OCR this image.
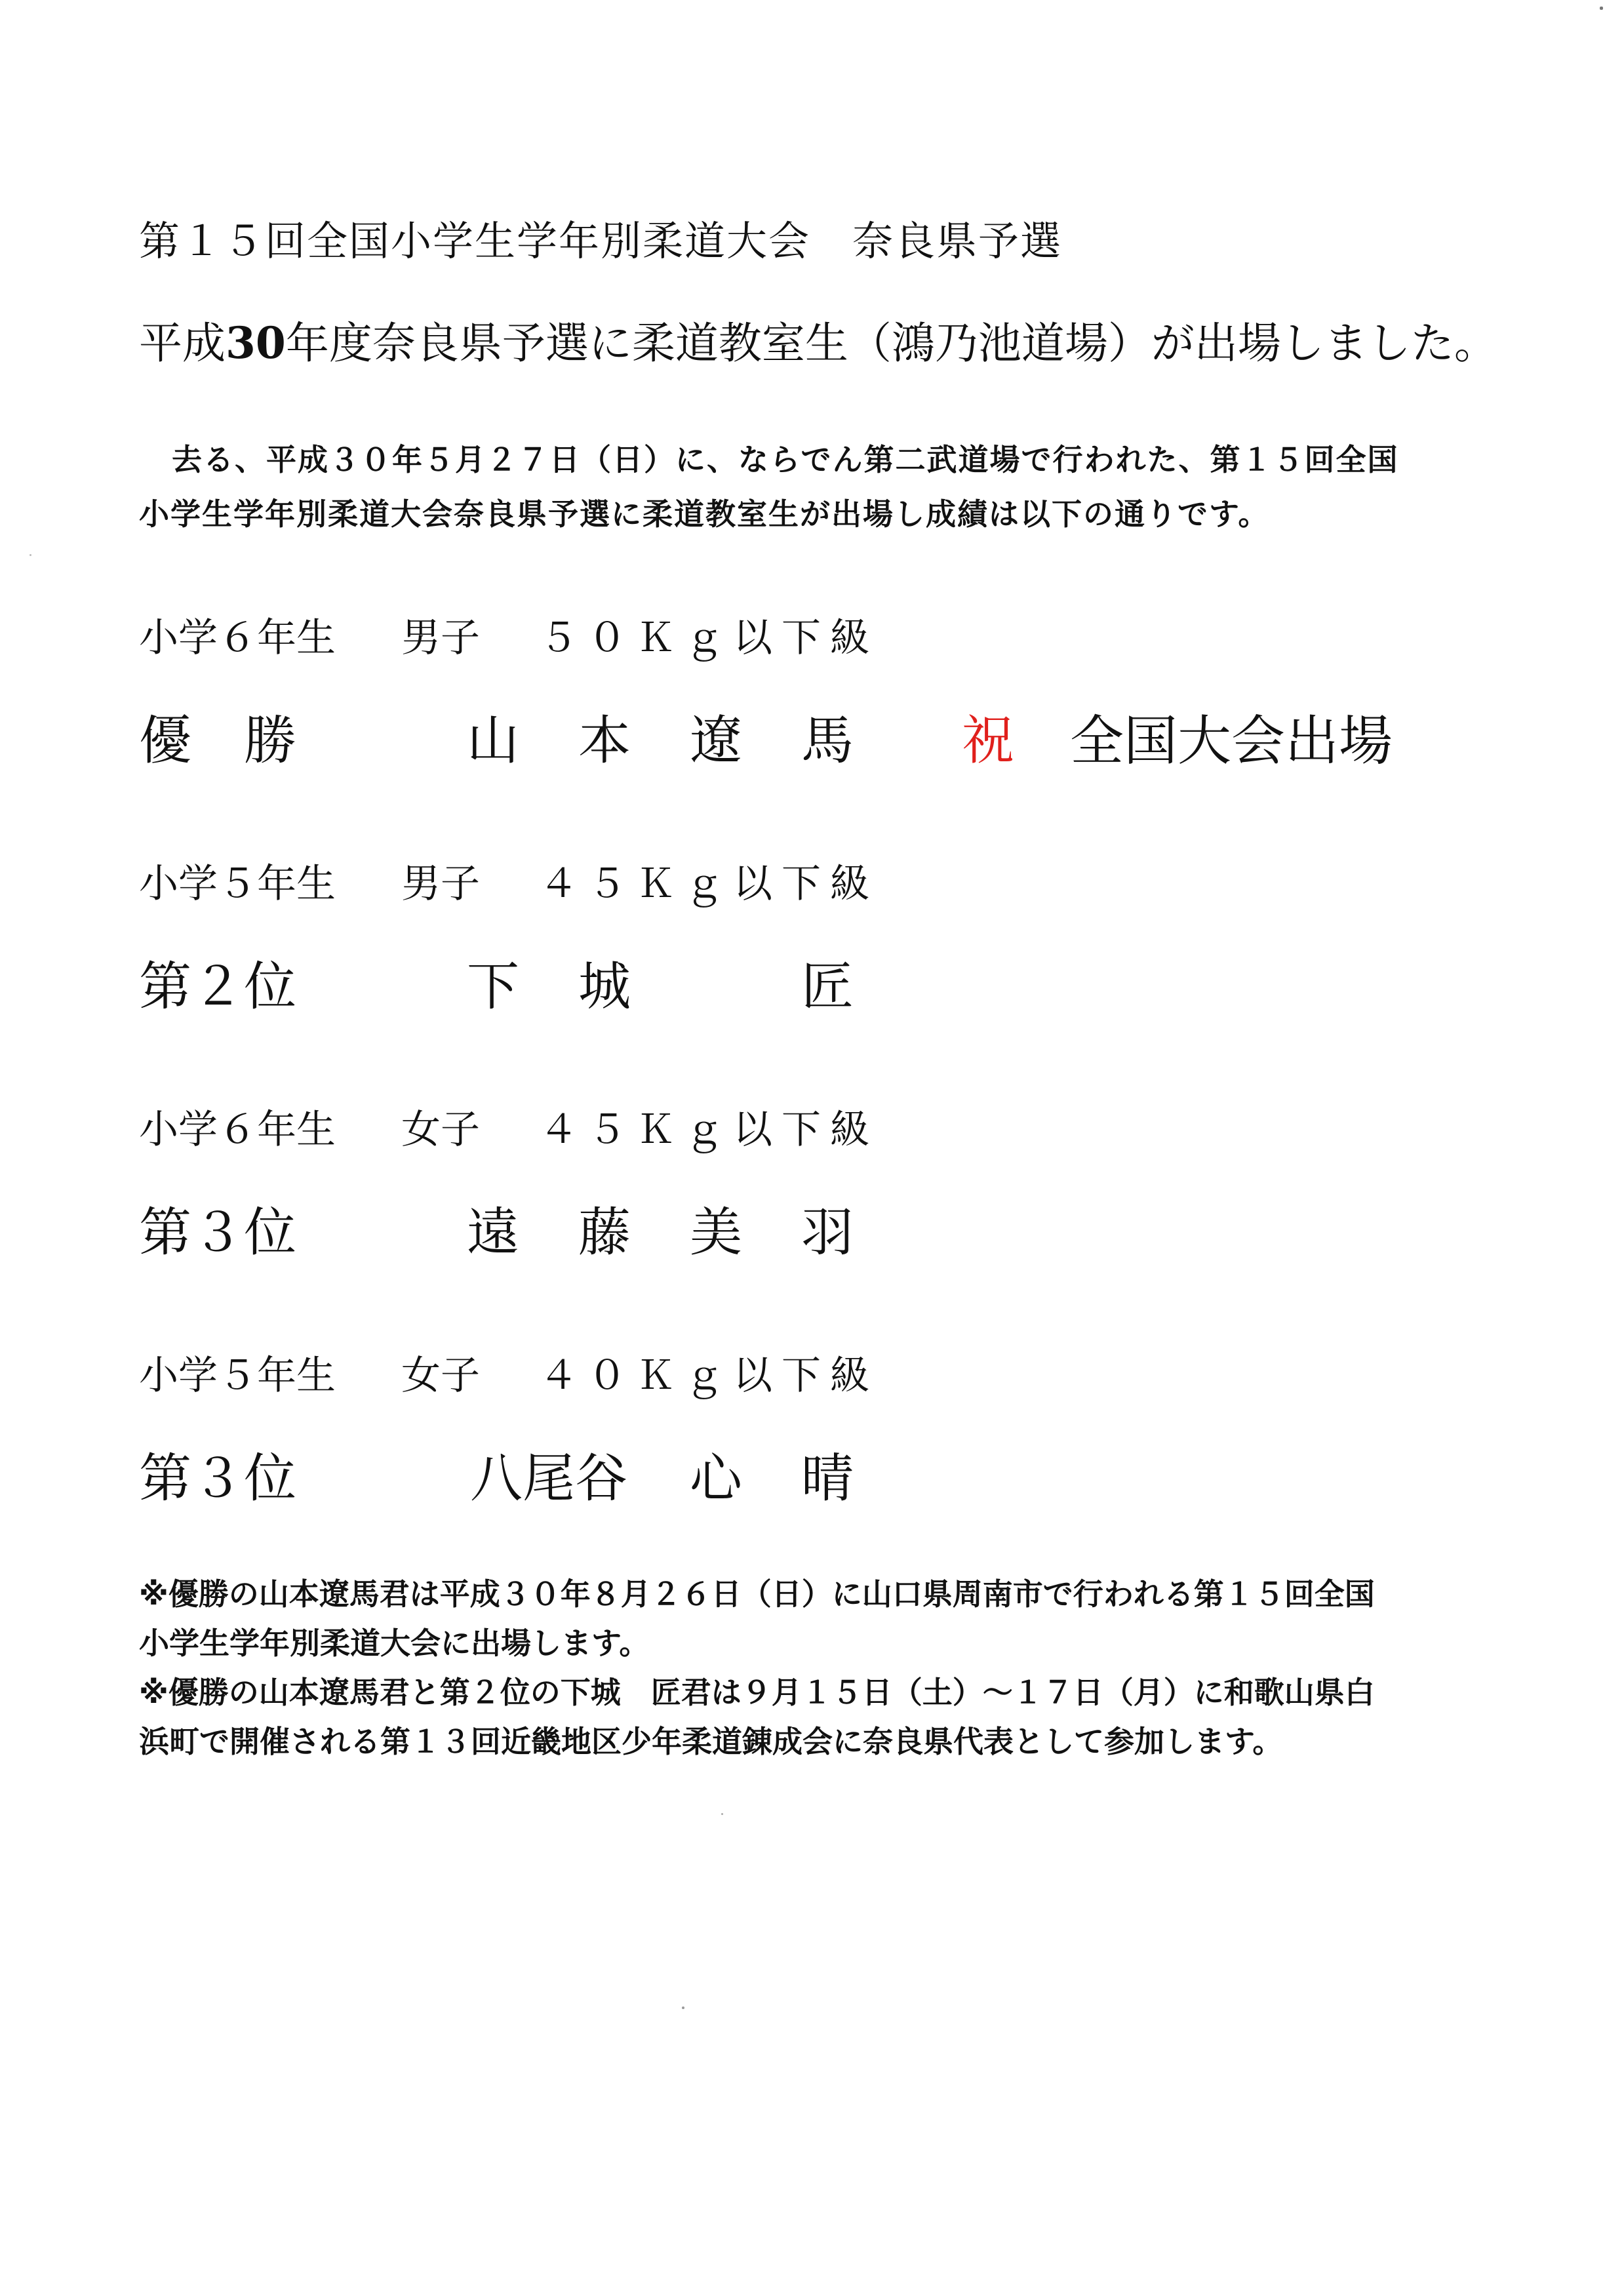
第１５回全国小学生学年別柔道大会　奈良県予選
平成30年度奈良県予選に柔道教室生（鴻乃池道場）が出場しました。
去る、平成３０年５月２７日（日）に、ならでん第二武道場で行われた、第１５回全国
小学生学年別柔道大会奈良県予選に柔道教室生が出場し成績は以下の通りです。
小学６年生 男子 ５０Ｋｇ以下級
優　勝	山 本 遼 馬 祝 全国大会出場
小学５年生 男子 ４５Ｋｇ以下級
第２位	下 城	匠
小学６年生 女子 ４５Ｋｇ以下級
第３位	遠 藤 美 羽
小学５年生 女子 ４０Ｋｇ以下級
第３位	八尾谷 心 晴
※優勝の山本遼馬君は平成３０年８月２６日（日）に山口県周南市で行われる第１５回全国
小学生学年別柔道大会に出場します。
※優勝の山本遼馬君と第２位の下城　匠君は９月１５日（土）～１７日（月）に和歌山県白
浜町で開催される第１３回近畿地区少年柔道錬成会に奈良県代表として参加します。
